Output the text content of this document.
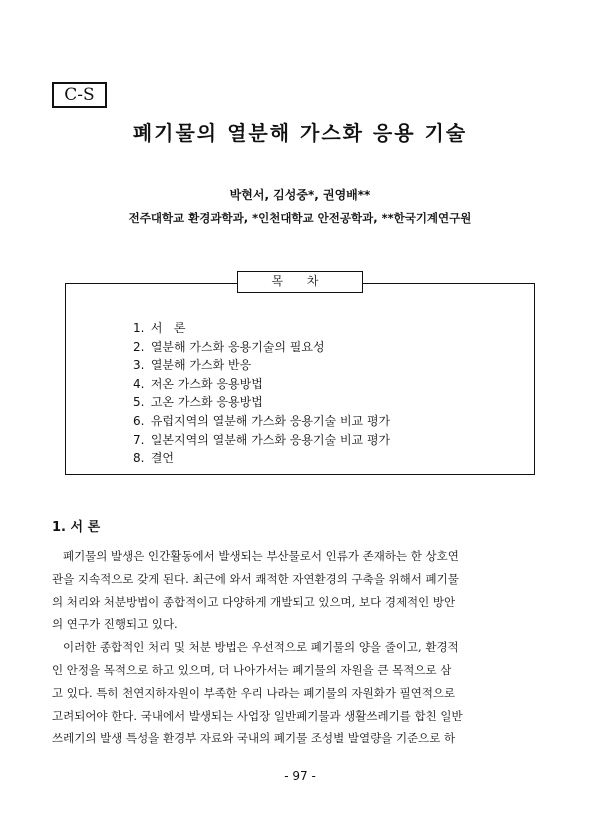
C-S
폐기물의 열분해 가스화 응용 기술
박현서, 김성중*, 권영배**
전주대학교 환경과학과, *인천대학교 안전공학과, **한국기계연구원
목 차
1. 서   론
2. 열분해 가스화 응용기술의 필요성
3. 열분해 가스화 반응
4. 저온 가스화 응용방법
5. 고온 가스화 응용방법
6. 유럽지역의 열분해 가스화 응용기술 비교 평가
7. 일본지역의 열분해 가스화 응용기술 비교 평가
8. 결언
1. 서 론
폐기물의 발생은 인간활동에서 발생되는 부산물로서 인류가 존재하는 한 상호연
관을 지속적으로 갖게 된다. 최근에 와서 쾌적한 자연환경의 구축을 위해서 폐기물
의 처리와 처분방법이 종합적이고 다양하게 개발되고 있으며, 보다 경제적인 방안
의 연구가 진행되고 있다.
이러한 종합적인 처리 및 처분 방법은 우선적으로 폐기물의 양을 줄이고, 환경적
인 안정을 목적으로 하고 있으며, 더 나아가서는 폐기물의 자원을 큰 목적으로 삼
고 있다. 특히 천연지하자원이 부족한 우리 나라는 폐기물의 자원화가 필연적으로
고려되어야 한다. 국내에서 발생되는 사업장 일반폐기물과 생활쓰레기를 합친 일반
쓰레기의 발생 특성을 환경부 자료와 국내의 폐기물 조성별 발열량을 기준으로 하
- 97 -
